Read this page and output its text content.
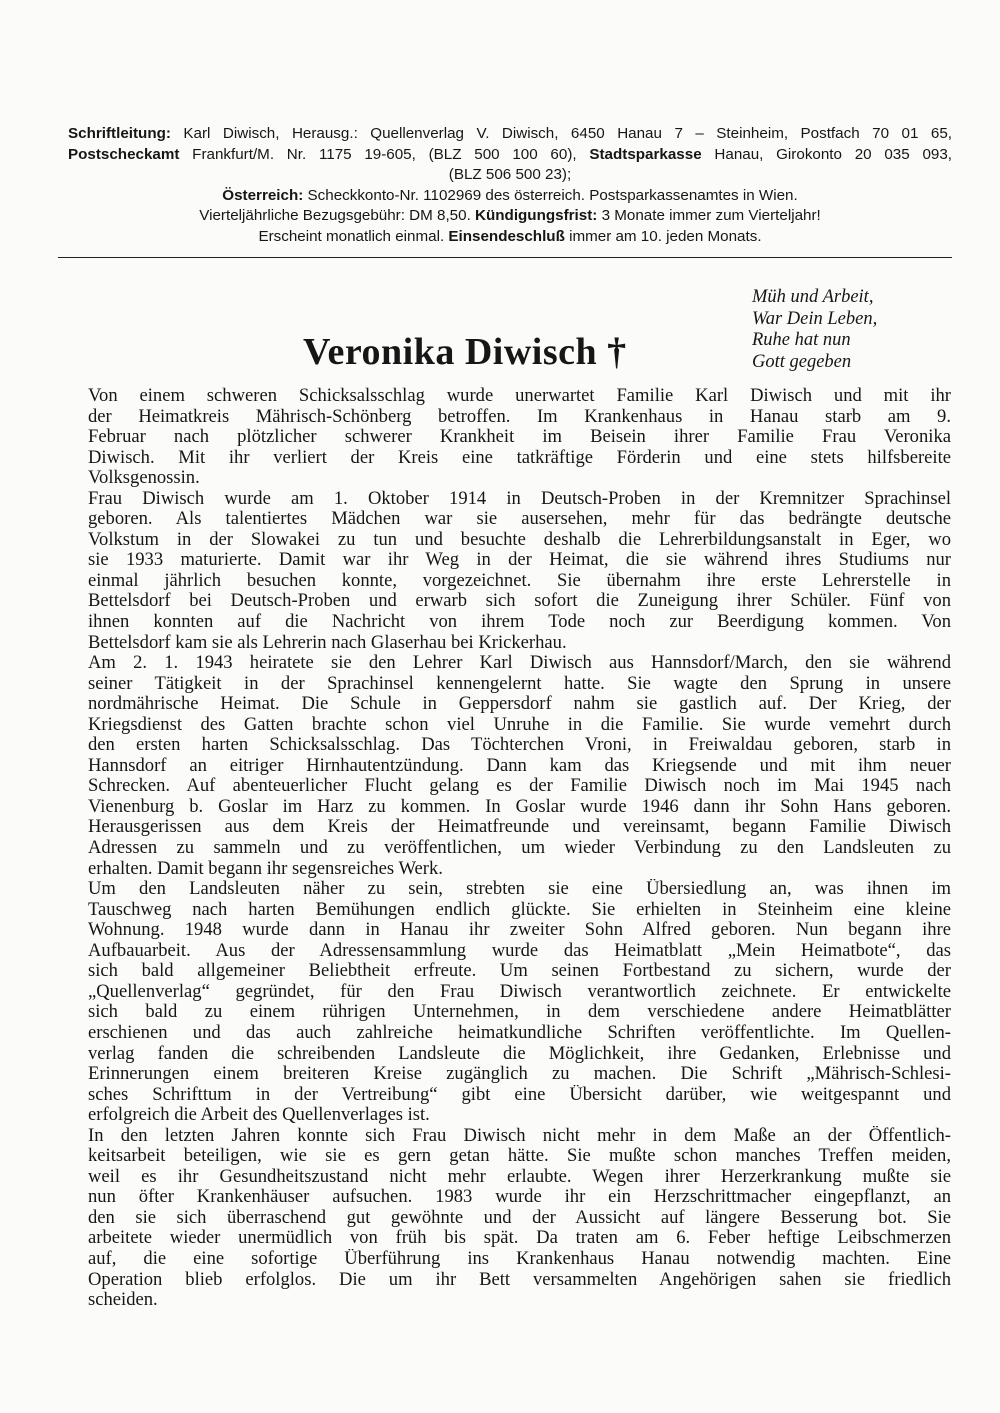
Schriftleitung: Karl Diwisch, Herausg.: Quellenverlag V. Diwisch, 6450 Hanau 7 – Steinheim, Postfach 70 01 65,
Postscheckamt Frankfurt/M. Nr. 1175 19-605, (BLZ 500 100 60), Stadtsparkasse Hanau, Girokonto 20 035 093,
(BLZ 506 500 23);
Österreich: Scheckkonto-Nr. 1102969 des österreich. Postsparkassenamtes in Wien.
Vierteljährliche Bezugsgebühr: DM 8,50. Kündigungsfrist: 3 Monate immer zum Vierteljahr!
Erscheint monatlich einmal. Einsendeschluß immer am 10. jeden Monats.
Veronika Diwisch †
Müh und Arbeit,
War Dein Leben,
Ruhe hat nun
Gott gegeben
Von einem schweren Schicksalsschlag wurde unerwartet Familie Karl Diwisch und mit ihr
der Heimatkreis Mährisch-Schönberg betroffen. Im Krankenhaus in Hanau starb am 9.
Februar nach plötzlicher schwerer Krankheit im Beisein ihrer Familie Frau Veronika
Diwisch. Mit ihr verliert der Kreis eine tatkräftige Förderin und eine stets hilfsbereite
Volksgenossin.
Frau Diwisch wurde am 1. Oktober 1914 in Deutsch-Proben in der Kremnitzer Sprachinsel
geboren. Als talentiertes Mädchen war sie ausersehen, mehr für das bedrängte deutsche
Volkstum in der Slowakei zu tun und besuchte deshalb die Lehrerbildungsanstalt in Eger, wo
sie 1933 maturierte. Damit war ihr Weg in der Heimat, die sie während ihres Studiums nur
einmal jährlich besuchen konnte, vorgezeichnet. Sie übernahm ihre erste Lehrerstelle in
Bettelsdorf bei Deutsch-Proben und erwarb sich sofort die Zuneigung ihrer Schüler. Fünf von
ihnen konnten auf die Nachricht von ihrem Tode noch zur Beerdigung kommen. Von
Bettelsdorf kam sie als Lehrerin nach Glaserhau bei Krickerhau.
Am 2. 1. 1943 heiratete sie den Lehrer Karl Diwisch aus Hannsdorf/March, den sie während
seiner Tätigkeit in der Sprachinsel kennengelernt hatte. Sie wagte den Sprung in unsere
nordmährische Heimat. Die Schule in Geppersdorf nahm sie gastlich auf. Der Krieg, der
Kriegsdienst des Gatten brachte schon viel Unruhe in die Familie. Sie wurde vemehrt durch
den ersten harten Schicksalsschlag. Das Töchterchen Vroni, in Freiwaldau geboren, starb in
Hannsdorf an eitriger Hirnhautentzündung. Dann kam das Kriegsende und mit ihm neuer
Schrecken. Auf abenteuerlicher Flucht gelang es der Familie Diwisch noch im Mai 1945 nach
Vienenburg b. Goslar im Harz zu kommen. In Goslar wurde 1946 dann ihr Sohn Hans geboren.
Herausgerissen aus dem Kreis der Heimatfreunde und vereinsamt, begann Familie Diwisch
Adressen zu sammeln und zu veröffentlichen, um wieder Verbindung zu den Landsleuten zu
erhalten. Damit begann ihr segensreiches Werk.
Um den Landsleuten näher zu sein, strebten sie eine Übersiedlung an, was ihnen im
Tauschweg nach harten Bemühungen endlich glückte. Sie erhielten in Steinheim eine kleine
Wohnung. 1948 wurde dann in Hanau ihr zweiter Sohn Alfred geboren. Nun begann ihre
Aufbauarbeit. Aus der Adressensammlung wurde das Heimatblatt „Mein Heimatbote“, das
sich bald allgemeiner Beliebtheit erfreute. Um seinen Fortbestand zu sichern, wurde der
„Quellenverlag“ gegründet, für den Frau Diwisch verantwortlich zeichnete. Er entwickelte
sich bald zu einem rührigen Unternehmen, in dem verschiedene andere Heimatblätter
erschienen und das auch zahlreiche heimatkundliche Schriften veröffentlichte. Im Quellen-
verlag fanden die schreibenden Landsleute die Möglichkeit, ihre Gedanken, Erlebnisse und
Erinnerungen einem breiteren Kreise zugänglich zu machen. Die Schrift „Mährisch-Schlesi-
sches Schrifttum in der Vertreibung“ gibt eine Übersicht darüber, wie weitgespannt und
erfolgreich die Arbeit des Quellenverlages ist.
In den letzten Jahren konnte sich Frau Diwisch nicht mehr in dem Maße an der Öffentlich-
keitsarbeit beteiligen, wie sie es gern getan hätte. Sie mußte schon manches Treffen meiden,
weil es ihr Gesundheitszustand nicht mehr erlaubte. Wegen ihrer Herzerkrankung mußte sie
nun öfter Krankenhäuser aufsuchen. 1983 wurde ihr ein Herzschrittmacher eingepflanzt, an
den sie sich überraschend gut gewöhnte und der Aussicht auf längere Besserung bot. Sie
arbeitete wieder unermüdlich von früh bis spät. Da traten am 6. Feber heftige Leibschmerzen
auf, die eine sofortige Überführung ins Krankenhaus Hanau notwendig machten. Eine
Operation blieb erfolglos. Die um ihr Bett versammelten Angehörigen sahen sie friedlich
scheiden.
